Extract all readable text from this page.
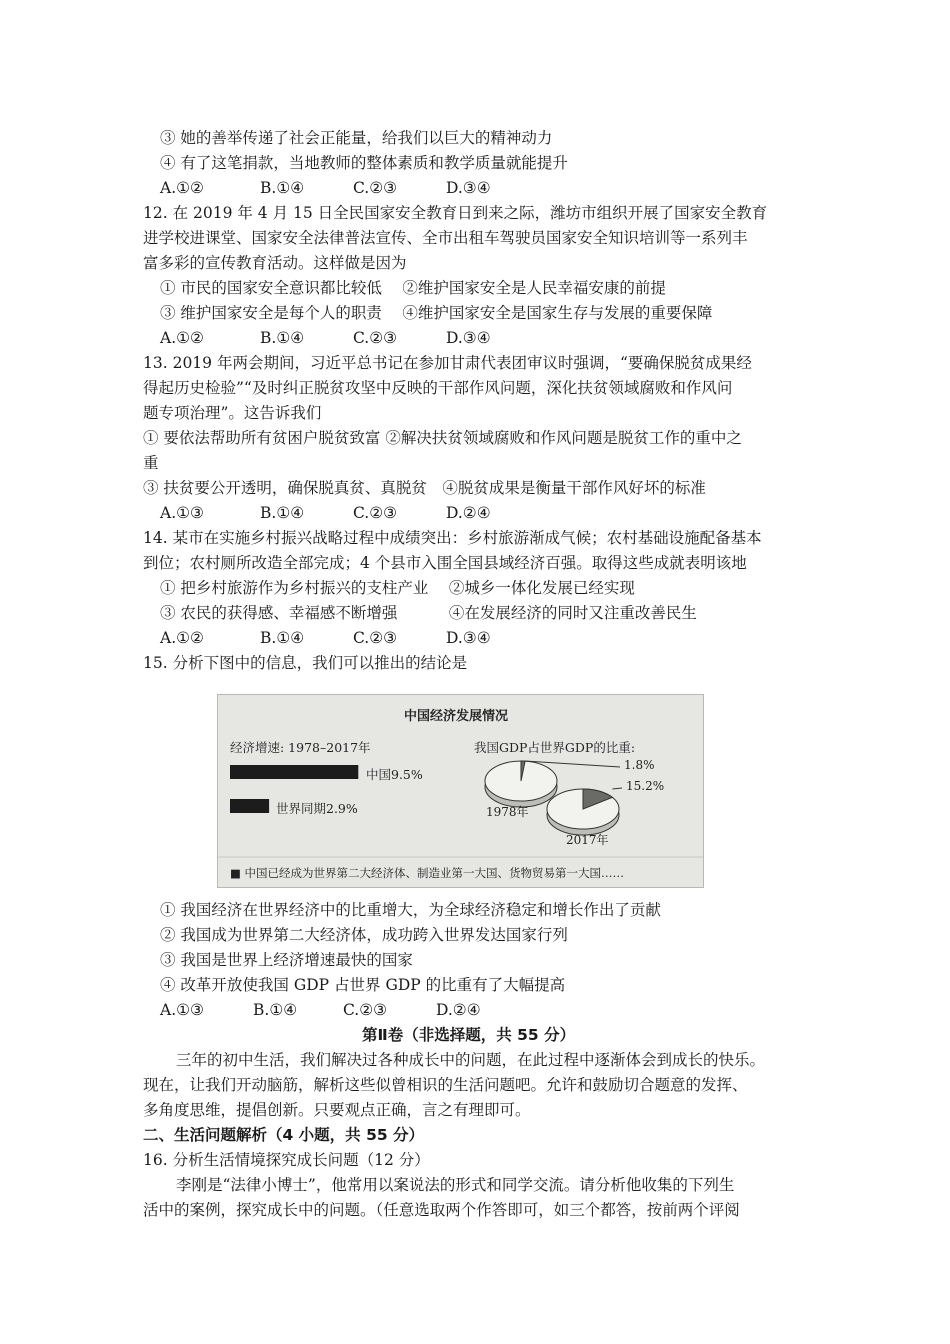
③ 她的善举传递了社会正能量，给我们以巨大的精神动力
④ 有了这笔捐款，当地教师的整体素质和教学质量就能提升
A.①②	B.①④	C.②③	D.③④
12. 在 2019 年 4 月 15 日全民国家安全教育日到来之际，潍坊市组织开展了国家安全教育
进学校进课堂、国家安全法律普法宣传、全市出租车驾驶员国家安全知识培训等一系列丰
富多彩的宣传教育活动。这样做是因为
① 市民的国家安全意识都比较低　 ②维护国家安全是人民幸福安康的前提
③ 维护国家安全是每个人的职责　 ④维护国家安全是国家生存与发展的重要保障
A.①②	B.①④	C.②③	D.③④
13. 2019 年两会期间，习近平总书记在参加甘肃代表团审议时强调，“要确保脱贫成果经
得起历史检验”“及时纠正脱贫攻坚中反映的干部作风问题，深化扶贫领域腐败和作风问
题专项治理”。这告诉我们
① 要依法帮助所有贫困户脱贫致富 ②解决扶贫领域腐败和作风问题是脱贫工作的重中之
重
③ 扶贫要公开透明，确保脱真贫、真脱贫　④脱贫成果是衡量干部作风好坏的标准
A.①③	B.①④	C.②③	D.②④
14. 某市在实施乡村振兴战略过程中成绩突出：乡村旅游渐成气候；农村基础设施配备基本
到位；农村厕所改造全部完成；4 个县市入围全国县域经济百强。取得这些成就表明该地
① 把乡村旅游作为乡村振兴的支柱产业　 ②城乡一体化发展已经实现
③ 农民的获得感、幸福感不断增强　　　 ④在发展经济的同时又注重改善民生
A.①②	B.①④	C.②③	D.③④
15. 分析下图中的信息，我们可以推出的结论是
中国经济发展情况
经济增速: 1978–2017年
中国9.5%
世界同期2.9%
我国GDP占世界GDP的比重:
1.8%
15.2%
1978年
2017年
■ 中国已经成为世界第二大经济体、制造业第一大国、货物贸易第一大国……
① 我国经济在世界经济中的比重增大，为全球经济稳定和增长作出了贡献
② 我国成为世界第二大经济体，成功跨入世界发达国家行列
③ 我国是世界上经济增速最快的国家
④ 改革开放使我国 GDP 占世界 GDP 的比重有了大幅提高
A.①③	B.①④	C.②③	D.②④
第Ⅱ卷（非选择题，共 55 分）
三年的初中生活，我们解决过各种成长中的问题，在此过程中逐渐体会到成长的快乐。
现在，让我们开动脑筋，解析这些似曾相识的生活问题吧。允许和鼓励切合题意的发挥、
多角度思维，提倡创新。只要观点正确，言之有理即可。
二、生活问题解析（4 小题，共 55 分）
16. 分析生活情境探究成长问题（12 分）
李刚是“法律小博士”，他常用以案说法的形式和同学交流。请分析他收集的下列生
活中的案例，探究成长中的问题。（任意选取两个作答即可，如三个都答，按前两个评阅
